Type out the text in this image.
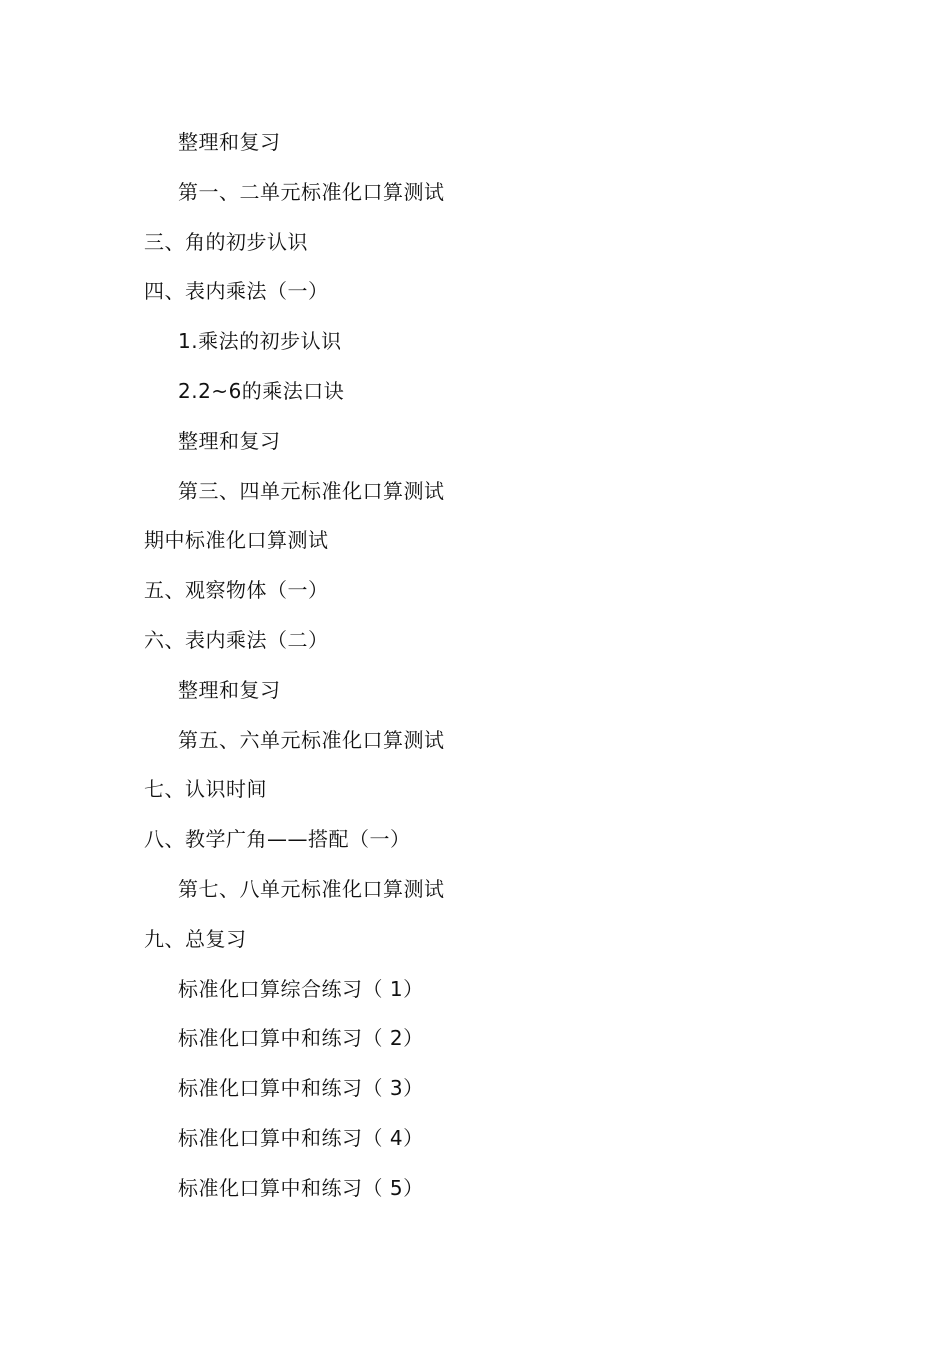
整理和复习
第一、二单元标准化口算测试
三、角的初步认识
四、表内乘法（一）
1.乘法的初步认识
2.2~6的乘法口诀
整理和复习
第三、四单元标准化口算测试
期中标准化口算测试
五、观察物体（一）
六、表内乘法（二）
整理和复习
第五、六单元标准化口算测试
七、认识时间
八、教学广角——搭配（一）
第七、八单元标准化口算测试
九、总复习
标准化口算综合练习（ 1）
标准化口算中和练习（ 2）
标准化口算中和练习（ 3）
标准化口算中和练习（ 4）
标准化口算中和练习（ 5）
